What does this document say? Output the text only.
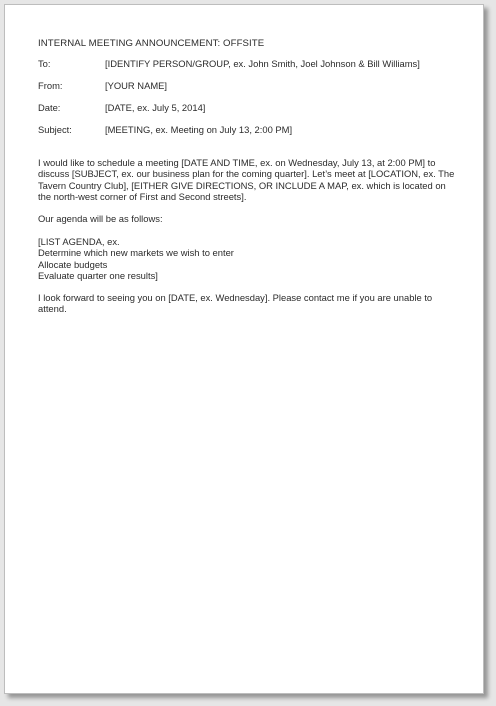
INTERNAL MEETING ANNOUNCEMENT: OFFSITE
To:	[IDENTIFY PERSON/GROUP, ex. John Smith, Joel Johnson & Bill Williams]
From:	[YOUR NAME]
Date:	[DATE, ex. July 5, 2014]
Subject:	[MEETING, ex. Meeting on July 13, 2:00 PM]

I would like to schedule a meeting [DATE AND TIME, ex. on Wednesday, July 13, at 2:00 PM] to discuss [SUBJECT, ex. our business plan for the coming quarter]. Let’s meet at [LOCATION, ex. The Tavern Country Club], [EITHER GIVE DIRECTIONS, OR INCLUDE A MAP, ex. which is located on the north-west corner of First and Second streets].

Our agenda will be as follows:

[LIST AGENDA, ex.
Determine which new markets we wish to enter
Allocate budgets
Evaluate quarter one results]

I look forward to seeing you on [DATE, ex. Wednesday]. Please contact me if you are unable to attend.
